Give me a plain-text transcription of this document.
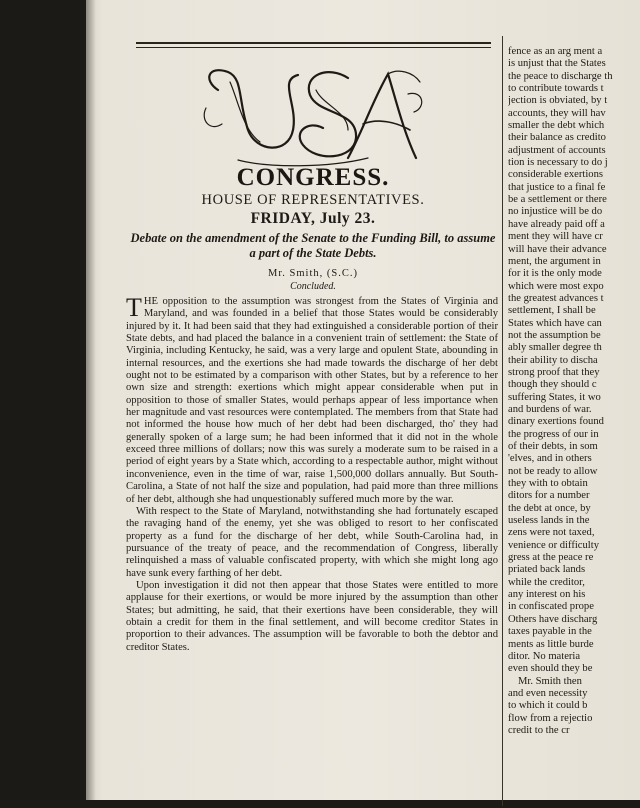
CONGRESS.
HOUSE OF REPRESENTATIVES.
FRIDAY, July 23.
Debate on the amendment of the Senate to the Funding Bill, to assume a part of the State Debts.
Mr. Smith, (S.C.)
Concluded.

THE opposition to the assumption was strongest from the States of Virginia and Maryland, and was founded in a belief that those States would be considerably injured by it. It had been said that they had extinguished a considerable portion of their State debts, and had placed the balance in a convenient train of settlement: the State of Virginia, including Kentucky, he said, was a very large and opulent State, abounding in internal resources, and the exertions she had made towards the discharge of her debt ought not to be estimated by a comparison with other States, but by a reference to her own size and strength: exertions which might appear considerable when put in opposition to those of smaller States, would perhaps appear of less importance when her magnitude and vast resources were contemplated. The members from that State had not informed the house how much of her debt had been discharged, tho' they had generally spoken of a large sum; he had been informed that it did not in the whole exceed three millions of dollars; now this was surely a moderate sum to be raised in a period of eight years by a State which, according to a respectable author, might without inconvenience, even in the time of war, raise 1,500,000 dollars annually. But South-Carolina, a State of not half the size and population, had paid more than three millions of her debt, although she had unquestionably suffered much more by the war.

With respect to the State of Maryland, notwithstanding she had fortunately escaped the ravaging hand of the enemy, yet she was obliged to resort to her confiscated property as a fund for the discharge of her debt, while South-Carolina had, in pursuance of the treaty of peace, and the recommendation of Congress, liberally relinquished a mass of valuable confiscated property, with which she might long ago have sunk every farthing of her debt.

Upon investigation it did not then appear that those States were entitled to more applause for their exertions, or would be more injured by the assumption than other States; but admitting, he said, that their exertions have been considerable, they will obtain a credit for them in the final settlement, and will become creditor States in proportion to their advances. The assumption will be favorable to both the debtor and creditor States.

fence as an arg ment a
is unjust that the States
the peace to discharge th
to contribute towards t
jection is obviated, by t
accounts, they will hav
smaller the debt which
their balance as credito
adjustment of accounts
tion is necessary to do j
considerable exertions
that justice to a final fe
be a settlement or there
no injustice will be do
have already paid off a
ment they will have cr
will have their advance
ment, the argument in
for it is the only mode
which were most expo
the greatest advances t
settlement, I shall be
States which have can
not the assumption be
ably smaller degree th
their ability to discha
strong proof that they
though they should c
suffering States, it wo
and burdens of war.
dinary exertions found
the progress of our in
of their debts, in som
'elves, and in others
not be ready to allow
they with to obtain
ditors for a number
the debt at once, by
useless lands in the
zens were not taxed,
venience or difficulty
gress at the peace re
priated back lands
while the creditor,
any interest on his
in confiscated prope
Others have discharg
taxes payable in the
ments as little burde
ditor. No materia
even should they be
Mr. Smith then
and even necessity
to which it could b
flow from a rejectio
credit to the cr
